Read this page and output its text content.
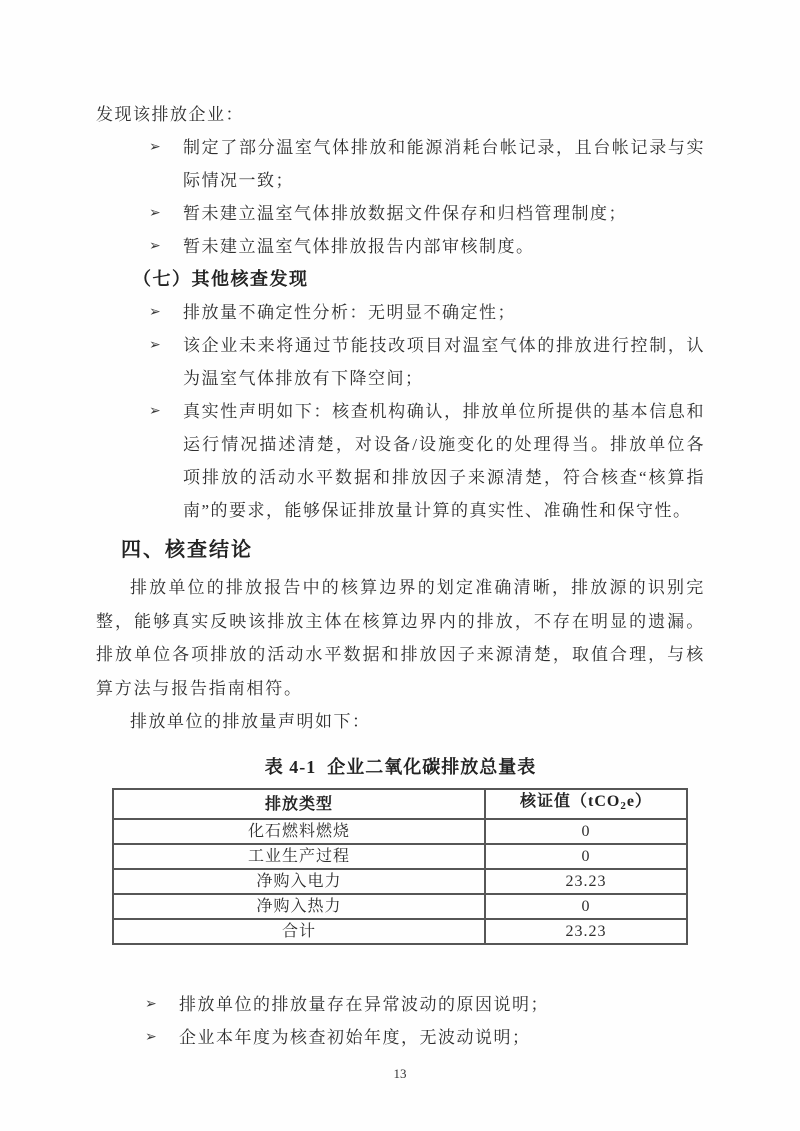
发现该排放企业：
➢	制定了部分温室气体排放和能源消耗台帐记录，且台帐记录与实际情况一致；
➢	暂未建立温室气体排放数据文件保存和归档管理制度；
➢	暂未建立温室气体排放报告内部审核制度。
（七）其他核查发现
➢	排放量不确定性分析：无明显不确定性；
➢	该企业未来将通过节能技改项目对温室气体的排放进行控制，认为温室气体排放有下降空间；
➢	真实性声明如下：核查机构确认，排放单位所提供的基本信息和运行情况描述清楚，对设备/设施变化的处理得当。排放单位各项排放的活动水平数据和排放因子来源清楚，符合核查“核算指南”的要求，能够保证排放量计算的真实性、准确性和保守性。
四、核查结论

排放单位的排放报告中的核算边界的划定准确清晰，排放源的识别完整，能够真实反映该排放主体在核算边界内的排放，不存在明显的遗漏。排放单位各项排放的活动水平数据和排放因子来源清楚，取值合理，与核算方法与报告指南相符。

排放单位的排放量声明如下：

表 4-1  企业二氧化碳排放总量表
排放类型	核证值（tCO$_2$e）
化石燃料燃烧	0
工业生产过程	0
净购入电力	23.23
净购入热力	0
合计	23.23
➢	排放单位的排放量存在异常波动的原因说明；
➢	企业本年度为核查初始年度，无波动说明；
13
